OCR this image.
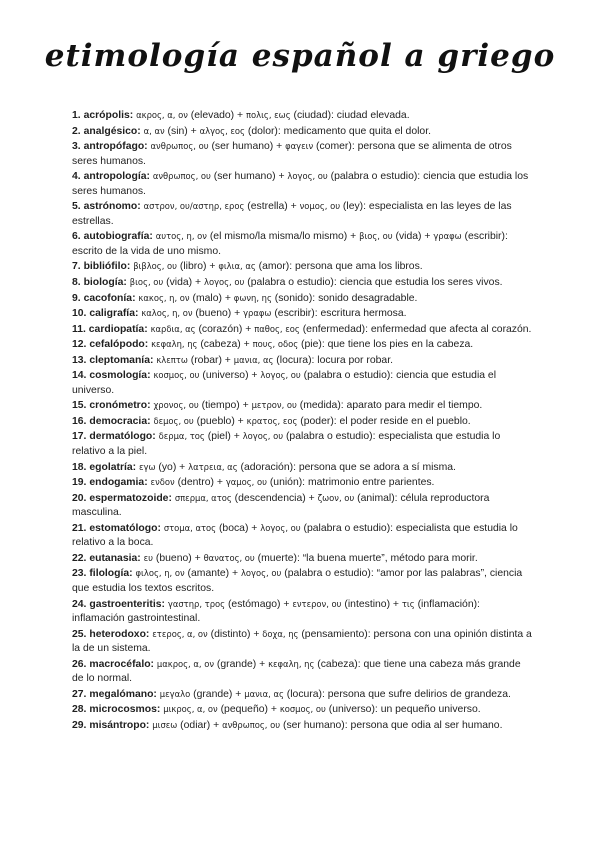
etimología español a griego
1. acrópolis: ακρος, α, ον (elevado) + πολις, εως (ciudad): ciudad elevada.
2. analgésico: α, αν (sin) + αλγος, εος (dolor): medicamento que quita el dolor.
3. antropófago: ανθρωπος, ου (ser humano) + φαγειν (comer): persona que se alimenta de otros seres humanos.
4. antropología: ανθρωπος, ου (ser humano) + λογος, ου (palabra o estudio): ciencia que estudia los seres humanos.
5. astrónomo: αστρον, ου/αστηρ, ερος (estrella) + νομος, ου (ley): especialista en las leyes de las estrellas.
6. autobiografía: αυτος, η, ον (el mismo/la misma/lo mismo) + βιος, ου (vida) + γραφω (escribir): escrito de la vida de uno mismo.
7. bibliófilo: βιβλος, ου (libro) + φιλια, ας (amor): persona que ama los libros.
8. biología: βιος, ου (vida) + λογος, ου (palabra o estudio): ciencia que estudia los seres vivos.
9. cacofonía: κακος, η, ον (malo) + φωνη, ης (sonido): sonido desagradable.
10. caligrafía: καλος, η, ον (bueno) + γραφω (escribir): escritura hermosa.
11. cardiopatía: καρδια, ας (corazón) + παθος, εος (enfermedad): enfermedad que afecta al corazón.
12. cefalópodo: κεφαλη, ης (cabeza) + πους, οδος (pie): que tiene los pies en la cabeza.
13. cleptomanía: κλεπτω (robar) + μανια, ας (locura): locura por robar.
14. cosmología: κοσμος, ου (universo) + λογος, ου (palabra o estudio): ciencia que estudia el universo.
15. cronómetro: χρονος, ου (tiempo) + μετρον, ου (medida): aparato para medir el tiempo.
16. democracia: δεμος, ου (pueblo) + κρατος, εος (poder): el poder reside en el pueblo.
17. dermatólogo: δερμα, τος (piel) + λογος, ου (palabra o estudio): especialista que estudia lo relativo a la piel.
18. egolatría: εγω (yo) + λατρεια, ας (adoración): persona que se adora a sí misma.
19. endogamia: ενδον (dentro) + γαμος, ου (unión): matrimonio entre parientes.
20. espermatozoide: σπερμα, ατος (descendencia) + ζωον, ου (animal): célula reproductora masculina.
21. estomatólogo: στομα, ατος (boca) + λογος, ου (palabra o estudio): especialista que estudia lo relativo a la boca.
22. eutanasia: ευ (bueno) + θανατος, ου (muerte): “la buena muerte”, método para morir.
23. filología: φιλος, η, ον (amante) + λογος, ου (palabra o estudio): “amor por las palabras”, ciencia que estudia los textos escritos.
24. gastroenteritis: γαστηρ, τρος (estómago) + εντερον, ου (intestino) + τις (inflamación): inflamación gastrointestinal.
25. heterodoxo: ετερος, α, ον (distinto) + δοχα, ης (pensamiento): persona con una opinión distinta a la de un sistema.
26. macrocéfalo: μακρος, α, ον (grande) + κεφαλη, ης (cabeza): que tiene una cabeza más grande de lo normal.
27. megalómano: μεγαλο (grande) + μανια, ας (locura): persona que sufre delirios de grandeza.
28. microcosmos: μικρος, α, ον (pequeño) + κοσμος, ου (universo): un pequeño universo.
29. misántropo: μισεω (odiar) + ανθρωπος, ου (ser humano): persona que odia al ser humano.
